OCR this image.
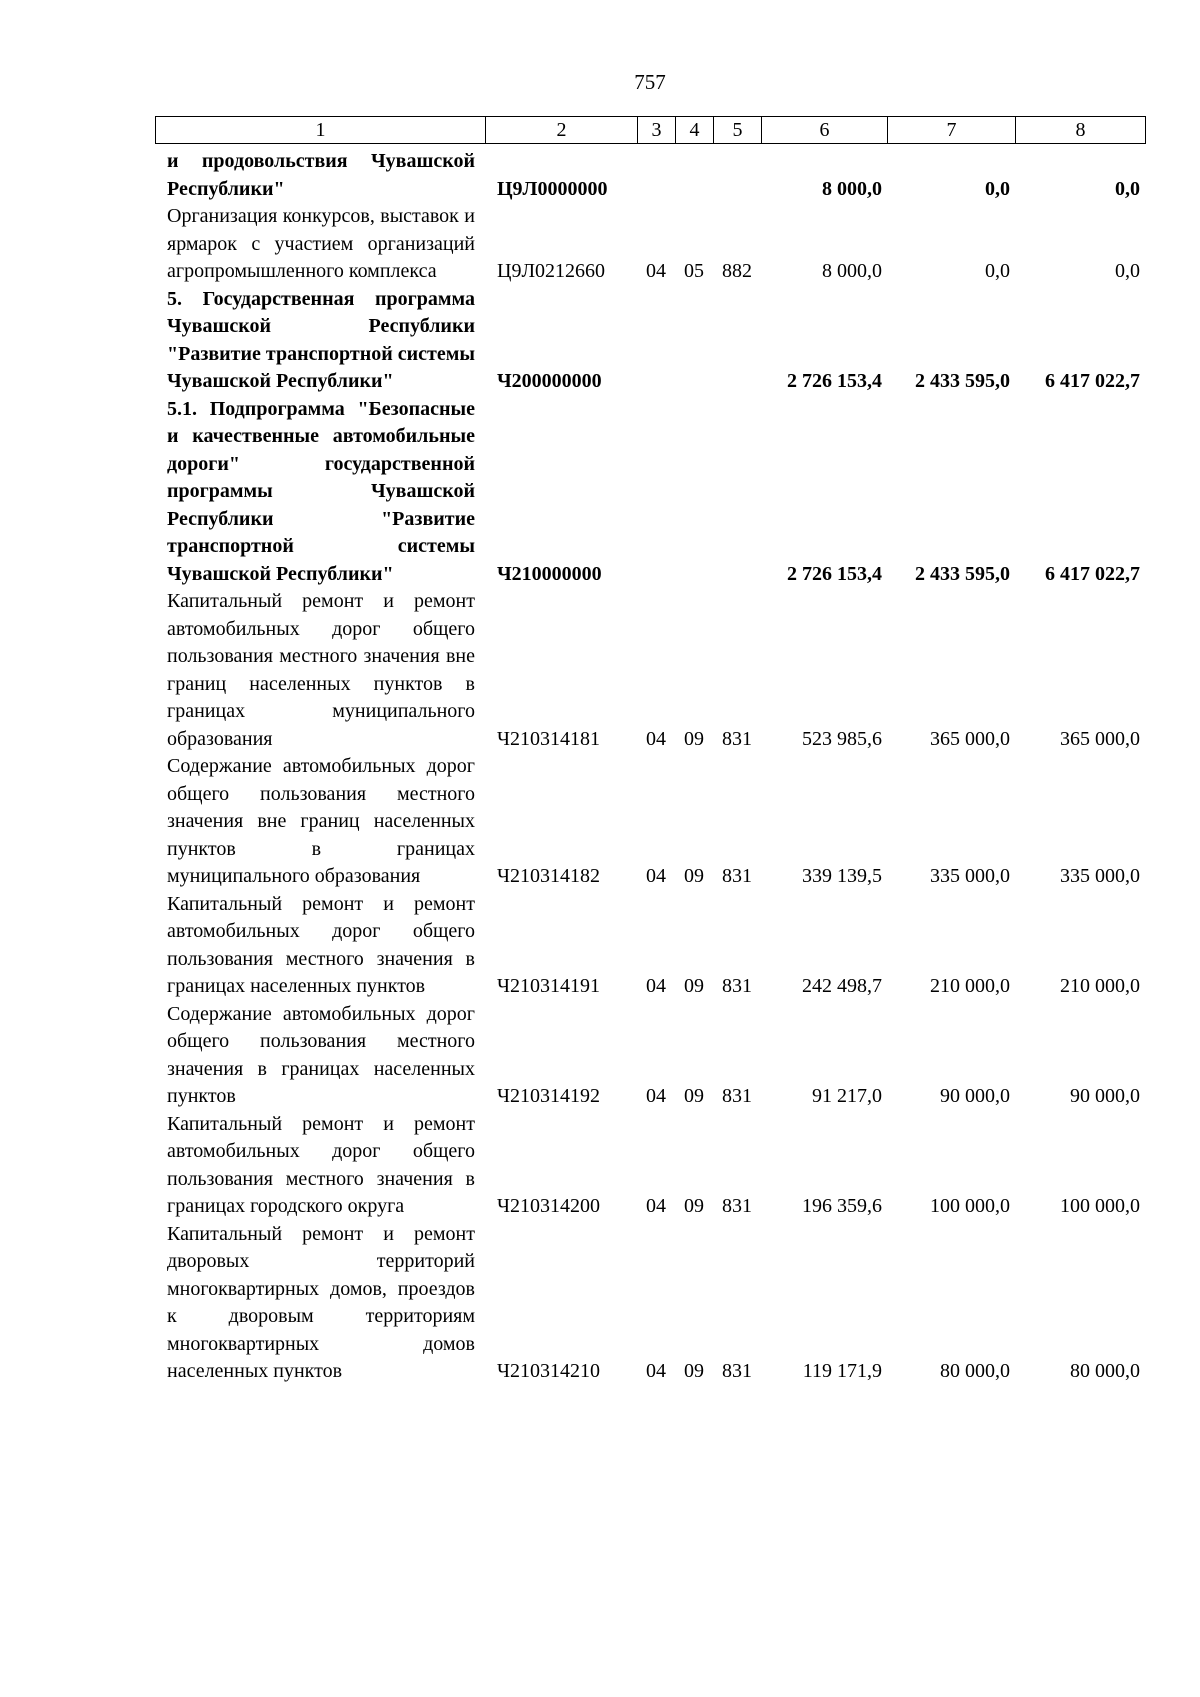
757
1	2	3	4	5	6	7	8
и продовольствия Чувашской Республики"	Ц9Л0000000				8 000,0	0,0	0,0
Организация конкурсов, выставок и ярмарок с участием организаций агропромышленного комплекса	Ц9Л0212660	04	05	882	8 000,0	0,0	0,0
5. Государственная программа Чувашской Республики "Развитие транспортной системы Чувашской Республики"	Ч200000000				2 726 153,4	2 433 595,0	6 417 022,7
5.1. Подпрограмма "Безопасные и качественные автомобильные дороги" государственной программы Чувашской Республики "Развитие транспортной системы Чувашской Республики"	Ч210000000				2 726 153,4	2 433 595,0	6 417 022,7
Капитальный ремонт и ремонт автомобильных дорог общего пользования местного значения вне границ населенных пунктов в границах муниципального образования	Ч210314181	04	09	831	523 985,6	365 000,0	365 000,0
Содержание автомобильных дорог общего пользования местного значения вне границ населенных пунктов в границах муниципального образования	Ч210314182	04	09	831	339 139,5	335 000,0	335 000,0
Капитальный ремонт и ремонт автомобильных дорог общего пользования местного значения в границах населенных пунктов	Ч210314191	04	09	831	242 498,7	210 000,0	210 000,0
Содержание автомобильных дорог общего пользования местного значения в границах населенных пунктов	Ч210314192	04	09	831	91 217,0	90 000,0	90 000,0
Капитальный ремонт и ремонт автомобильных дорог общего пользования местного значения в границах городского округа	Ч210314200	04	09	831	196 359,6	100 000,0	100 000,0
Капитальный ремонт и ремонт дворовых территорий многоквартирных домов, проездов к дворовым территориям многоквартирных домов населенных пунктов	Ч210314210	04	09	831	119 171,9	80 000,0	80 000,0
